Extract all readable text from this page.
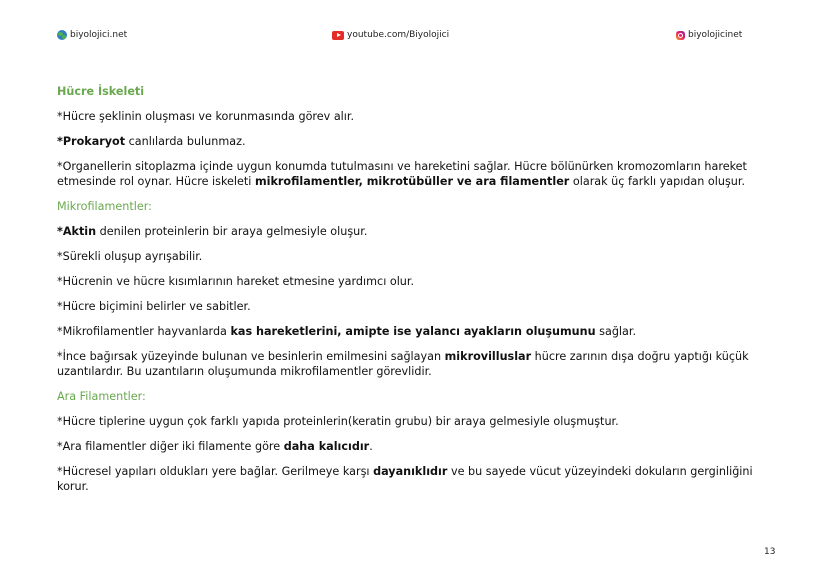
biyolojici.net	youtube.com/Biyolojici	biyolojicinet

Hücre İskeleti

*Hücre şeklinin oluşması ve korunmasında görev alır.

*Prokaryot canlılarda bulunmaz.

*Organellerin sitoplazma içinde uygun konumda tutulmasını ve hareketini sağlar. Hücre bölünürken kromozomların hareket etmesinde rol oynar. Hücre iskeleti mikrofilamentler, mikrotübüller ve ara filamentler olarak üç farklı yapıdan oluşur.

Mikrofilamentler:

*Aktin denilen proteinlerin bir araya gelmesiyle oluşur.

*Sürekli oluşup ayrışabilir.

*Hücrenin ve hücre kısımlarının hareket etmesine yardımcı olur.

*Hücre biçimini belirler ve sabitler.

*Mikrofilamentler hayvanlarda kas hareketlerini, amipte ise yalancı ayakların oluşumunu sağlar.

*İnce bağırsak yüzeyinde bulunan ve besinlerin emilmesini sağlayan mikrovilluslar hücre zarının dışa doğru yaptığı küçük uzantılardır. Bu uzantıların oluşumunda mikrofilamentler görevlidir.

Ara Filamentler:

*Hücre tiplerine uygun çok farklı yapıda proteinlerin(keratin grubu) bir araya gelmesiyle oluşmuştur.

*Ara filamentler diğer iki filamente göre daha kalıcıdır.

*Hücresel yapıları oldukları yere bağlar. Gerilmeye karşı dayanıklıdır ve bu sayede vücut yüzeyindeki dokuların gerginliğini korur.

13
